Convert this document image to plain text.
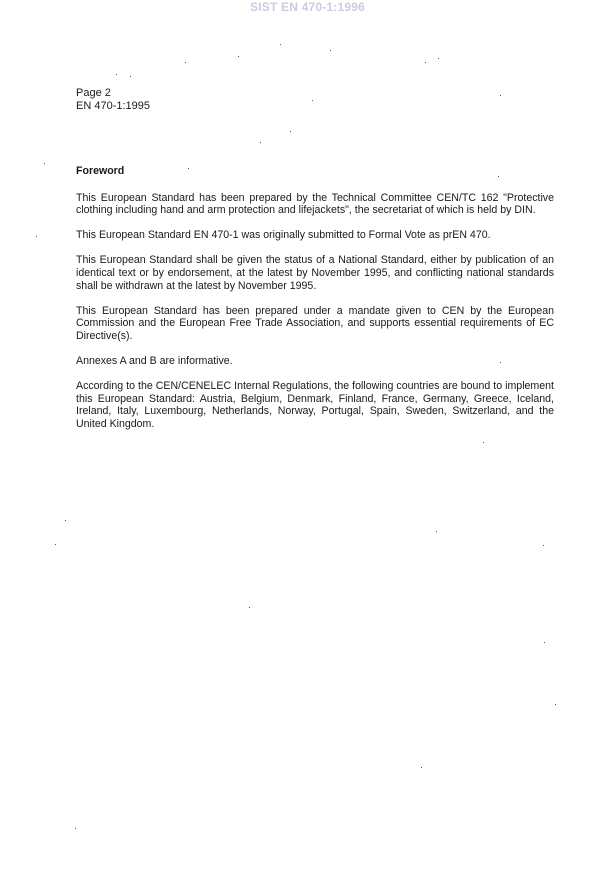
SIST EN 470-1:1996
Page 2
EN 470-1:1995
Foreword

This European Standard has been prepared by the Technical Committee CEN/TC 162 "Protective clothing including hand and arm protection and lifejackets", the secretariat of which is held by DIN.

This European Standard EN 470-1 was originally submitted to Formal Vote as prEN 470.

This European Standard shall be given the status of a National Standard, either by publication of an identical text or by endorsement, at the latest by November 1995, and conflicting national standards shall be withdrawn at the latest by November 1995.

This European Standard has been prepared under a mandate given to CEN by the European Commission and the European Free Trade Association, and supports essential requirements of EC Directive(s).

Annexes A and B are informative.

According to the CEN/CENELEC Internal Regulations, the following countries are bound to implement this European Standard: Austria, Belgium, Denmark, Finland, France, Germany, Greece, Iceland, Ireland, Italy, Luxembourg, Netherlands, Norway, Portugal, Spain, Sweden, Switzerland, and the United Kingdom.
